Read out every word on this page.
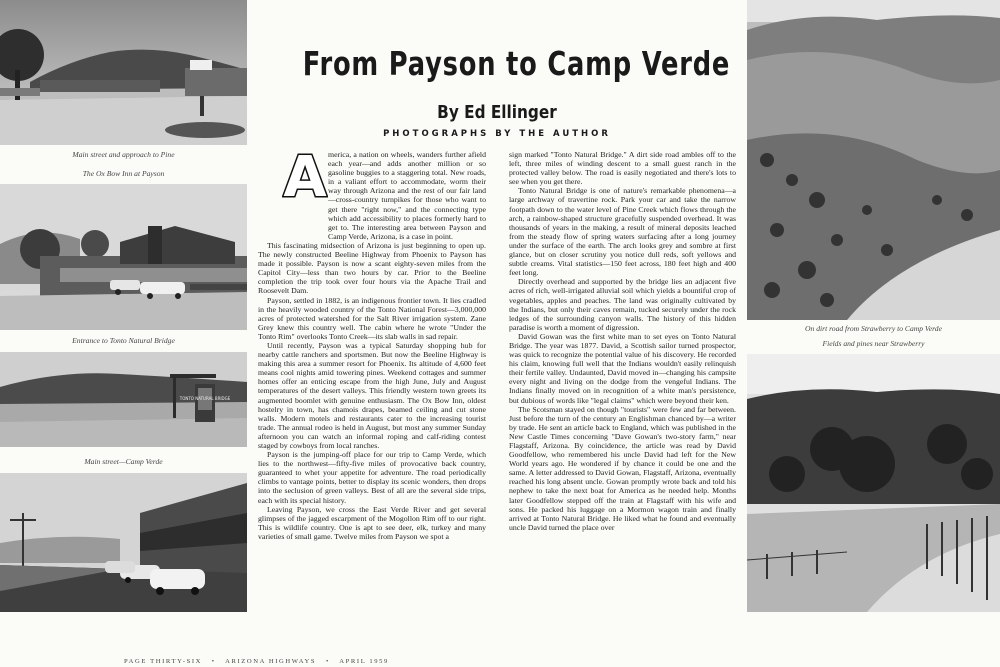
Main street and approach to Pine
The Ox Bow Inn at Payson
Entrance to Tonto Natural Bridge
TONTO NATURAL BRIDGE
Main street—Camp Verde
From Payson to Camp Verde
By Ed Ellinger
PHOTOGRAPHS BY THE AUTHOR
A merica, a nation on wheels, wanders further afield each year—and adds another million or so gasoline buggies to a staggering total. New roads, in a valiant effort to accommodate, worm their way through Arizona and the rest of our fair land—cross-country turnpikes for those who want to get there "right now," and the connecting type which add accessibility to places formerly hard to get to. The interesting area between Payson and Camp Verde, Arizona, is a case in point.

This fascinating midsection of Arizona is just beginning to open up. The newly constructed Beeline Highway from Phoenix to Payson has made it possible. Payson is now a scant eighty-seven miles from the Capitol City—less than two hours by car. Prior to the Beeline completion the trip took over four hours via the Apache Trail and Roosevelt Dam.

Payson, settled in 1882, is an indigenous frontier town. It lies cradled in the heavily wooded country of the Tonto National Forest—3,000,000 acres of protected watershed for the Salt River irrigation system. Zane Grey knew this country well. The cabin where he wrote "Under the Tonto Rim" overlooks Tonto Creek—its slab walls in sad repair.

Until recently, Payson was a typical Saturday shopping hub for nearby cattle ranchers and sportsmen. But now the Beeline Highway is making this area a summer resort for Phoenix. Its altitude of 4,600 feet means cool nights amid towering pines. Weekend cottages and summer homes offer an enticing escape from the high June, July and August temperatures of the desert valleys. This friendly western town greets its augmented boomlet with genuine enthusiasm. The Ox Bow Inn, oldest hostelry in town, has chamois drapes, beamed ceiling and cut stone walls. Modern motels and restaurants cater to the increasing tourist trade. The annual rodeo is held in August, but most any summer Sunday afternoon you can watch an informal roping and calf-riding contest staged by cowboys from local ranches.

Payson is the jumping-off place for our trip to Camp Verde, which lies to the northwest—fifty-five miles of provocative back country, guaranteed to whet your appetite for adventure. The road periodically climbs to vantage points, better to display its scenic wonders, then drops into the seclusion of green valleys. Best of all are the several side trips, each with its special history.

Leaving Payson, we cross the East Verde River and get several glimpses of the jagged escarpment of the Mogollon Rim off to our right. This is wildlife country. One is apt to see deer, elk, turkey and many varieties of small game. Twelve miles from Payson we spot a

sign marked "Tonto Natural Bridge." A dirt side road ambles off to the left, three miles of winding descent to a small guest ranch in the protected valley below. The road is easily negotiated and there's lots to see when you get there.

Tonto Natural Bridge is one of nature's remarkable phenomena—a large archway of travertine rock. Park your car and take the narrow footpath down to the water level of Pine Creek which flows through the arch, a rainbow-shaped structure gracefully suspended overhead. It was thousands of years in the making, a result of mineral deposits leached from the steady flow of spring waters surfacing after a long journey under the surface of the earth. The arch looks grey and sombre at first glance, but on closer scrutiny you notice dull reds, soft yellows and subtle creams. Vital statistics—150 feet across, 180 feet high and 400 feet long.

Directly overhead and supported by the bridge lies an adjacent five acres of rich, well-irrigated alluvial soil which yields a bountiful crop of vegetables, apples and peaches. The land was originally cultivated by the Indians, but only their caves remain, tucked securely under the rock ledges of the surrounding canyon walls. The history of this hidden paradise is worth a moment of digression.

David Gowan was the first white man to set eyes on Tonto Natural Bridge. The year was 1877. David, a Scottish sailor turned prospector, was quick to recognize the potential value of his discovery. He recorded his claim, knowing full well that the Indians wouldn't easily relinquish their fertile valley. Undaunted, David moved in—changing his campsite every night and living on the dodge from the vengeful Indians. The Indians finally moved on in recognition of a white man's persistence, but dubious of words like "legal claims" which were beyond their ken.

The Scotsman stayed on though "tourists" were few and far between. Just before the turn of the century an Englishman chanced by—a writer by trade. He sent an article back to England, which was published in the New Castle Times concerning "Dave Gowan's two-story farm," near Flagstaff, Arizona. By coincidence, the article was read by David Goodfellow, who remembered his uncle David had left for the New World years ago. He wondered if by chance it could be one and the same. A letter addressed to David Gowan, Flagstaff, Arizona, eventually reached his long absent uncle. Gowan promptly wrote back and told his nephew to take the next boat for America as he needed help. Months later Goodfellow stepped off the train at Flagstaff with his wife and sons. He packed his luggage on a Mormon wagon train and finally arrived at Tonto Natural Bridge. He liked what he found and eventually uncle David turned the place over

On dirt road from Strawberry to Camp Verde
Fields and pines near Strawberry
PAGE THIRTY-SIX • ARIZONA HIGHWAYS • APRIL 1959
